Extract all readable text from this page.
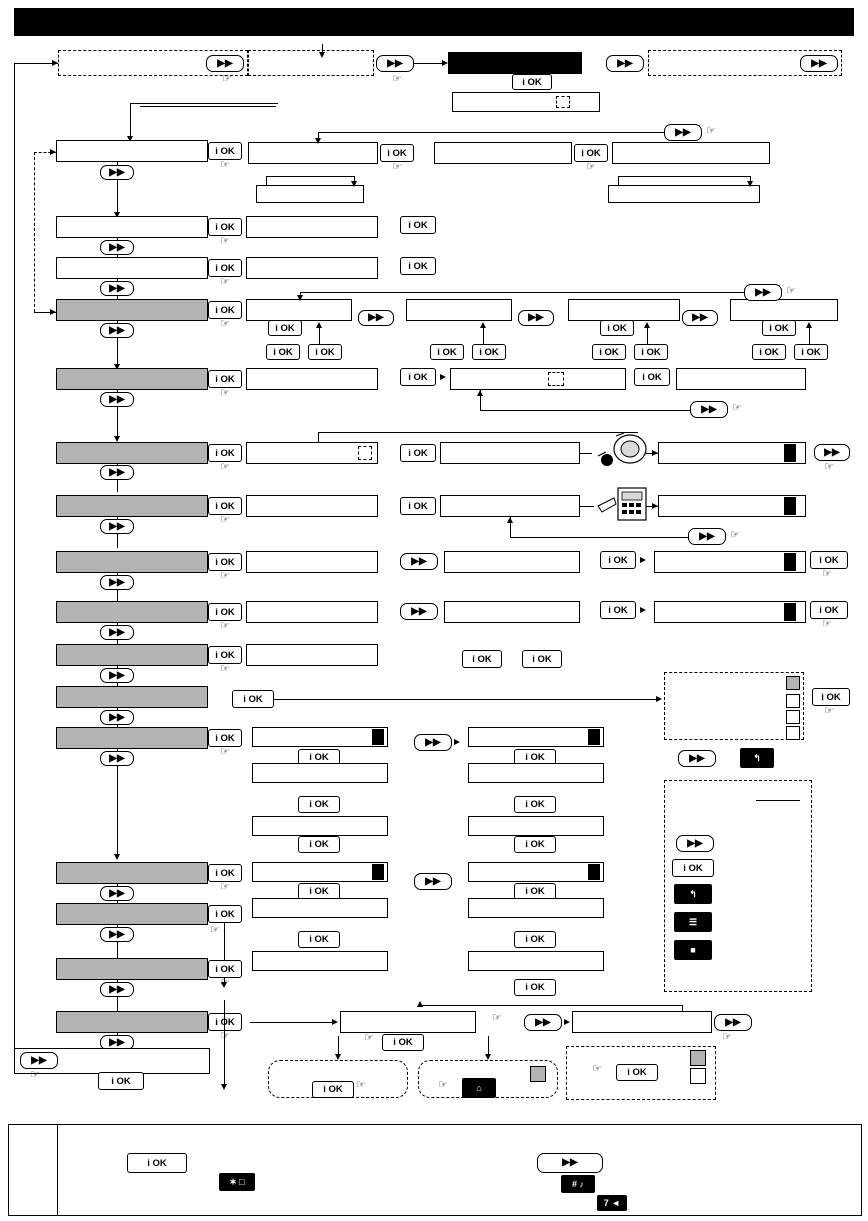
▶▶	▶▶	▶▶	▶▶
i OK
☞	☞
i OK
☞
▶▶
i OK
☞
i OK
☞
▶▶ ☞
i OK
☞
▶▶
i OK
i OK
☞
▶▶
i OK
i OK
☞
▶▶
▶▶	▶▶	▶▶
i OK	i OK	i OK
i OK i OK	i OK i OK	i OK i OK	i OK i OK
▶▶ ☞
i OK
☞
▶▶
i OK	i OK
▶▶ ☞
i OK
☞
▶▶
i OK	▶▶
☞
i OK
☞
▶▶
i OK
▶▶ ☞
i OK
☞
▶▶
▶▶	i OK	i OK
☞
i OK
☞
▶▶
▶▶	i OK	i OK
☞
i OK
☞
▶▶
i OK	i OK
▶▶
i OK	i OK
☞
i OK
☞
▶▶	i OK
i OK
i OK
▶▶
i OK
i OK
i OK
▶▶	↰
▶▶
i OK
↰
☰
■
i OK
☞
▶▶	i OK
i OK
▶▶
i OK
i OK
i OK
i OK
☞
▶▶
i OK
☞
▶▶
i OK
☞
▶▶
▶▶
☞	i OK
☞ i OK
☞	▶▶	▶▶
☞
i OK ☞	☞	⌂
☞	i OK
i OK
✶ □
▶▶
# ♪
7 ◄
